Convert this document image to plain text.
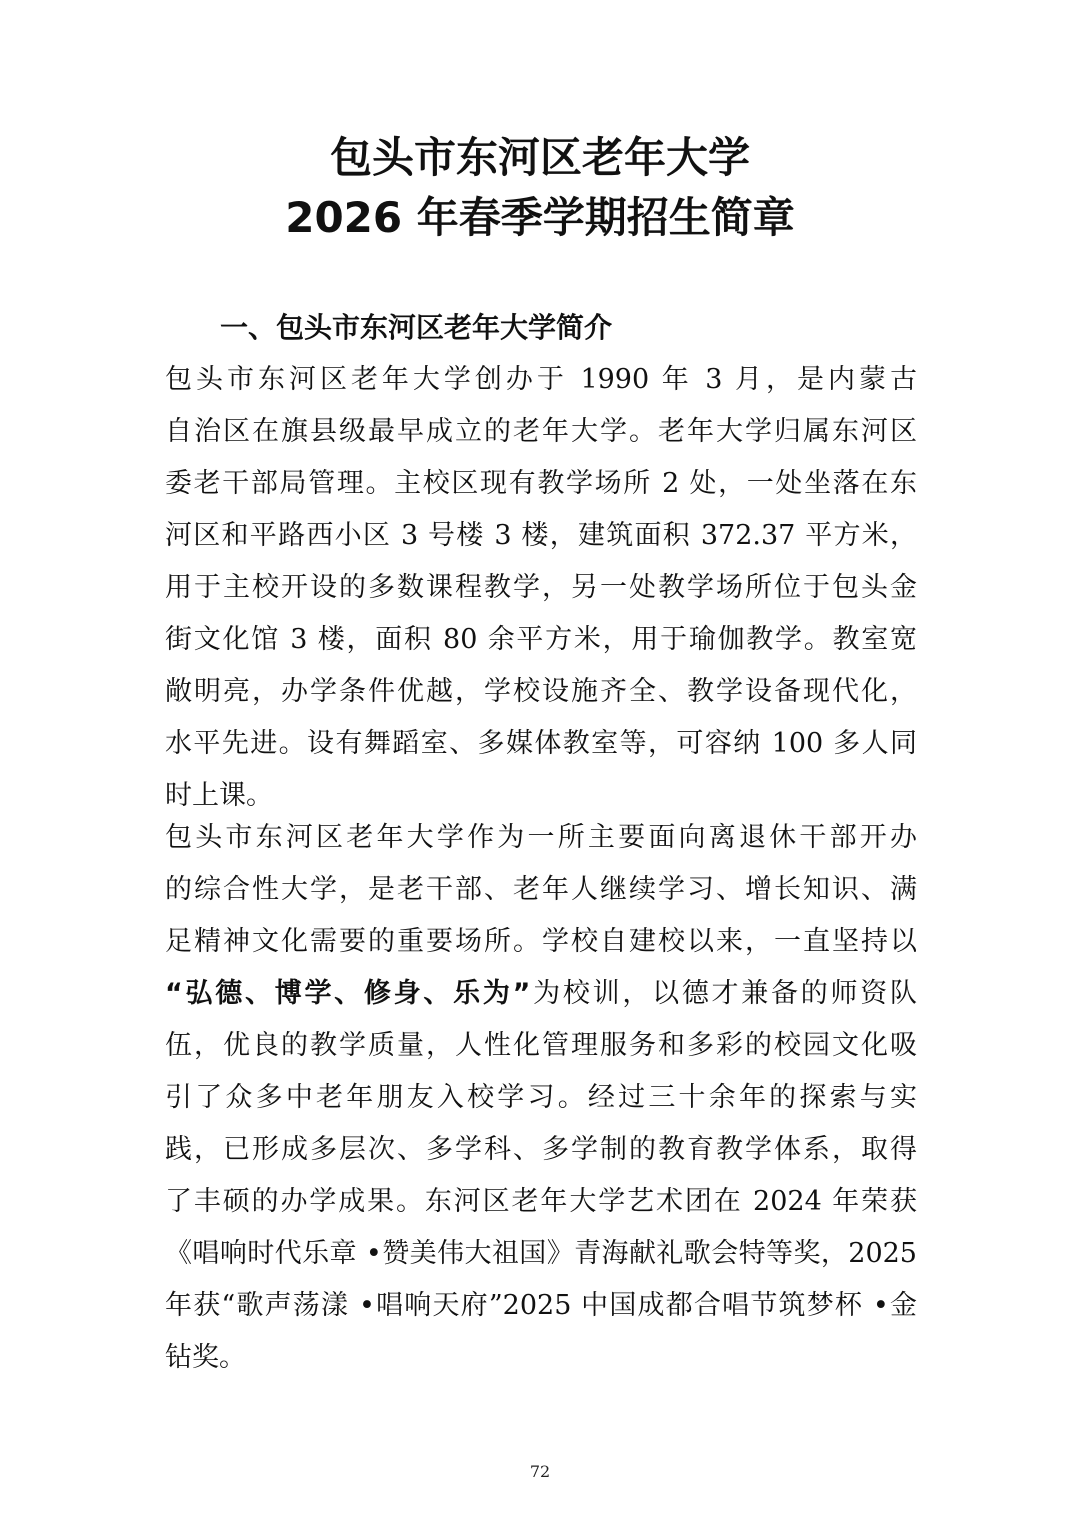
包头市东河区老年大学
2026 年春季学期招生简章
一、包头市东河区老年大学简介
包头市东河区老年大学创办于 1990 年 3 月，是内蒙古
自治区在旗县级最早成立的老年大学。老年大学归属东河区
委老干部局管理。主校区现有教学场所 2 处，一处坐落在东
河区和平路西小区 3 号楼 3 楼，建筑面积 372.37 平方米，
用于主校开设的多数课程教学，另一处教学场所位于包头金
街文化馆 3 楼，面积 80 余平方米，用于瑜伽教学。教室宽
敞明亮，办学条件优越，学校设施齐全、教学设备现代化，
水平先进。设有舞蹈室、多媒体教室等，可容纳 100 多人同
时上课。
包头市东河区老年大学作为一所主要面向离退休干部开办
的综合性大学，是老干部、老年人继续学习、增长知识、满
足精神文化需要的重要场所。学校自建校以来，一直坚持以
“弘德、博学、修身、乐为”为校训，以德才兼备的师资队
伍，优良的教学质量，人性化管理服务和多彩的校园文化吸
引了众多中老年朋友入校学习。经过三十余年的探索与实
践，已形成多层次、多学科、多学制的教育教学体系，取得
了丰硕的办学成果。东河区老年大学艺术团在 2024 年荣获
《唱响时代乐章 •赞美伟大祖国》青海献礼歌会特等奖，2025
年获“歌声荡漾 •唱响天府”2025 中国成都合唱节筑梦杯 •金
钻奖。
72
